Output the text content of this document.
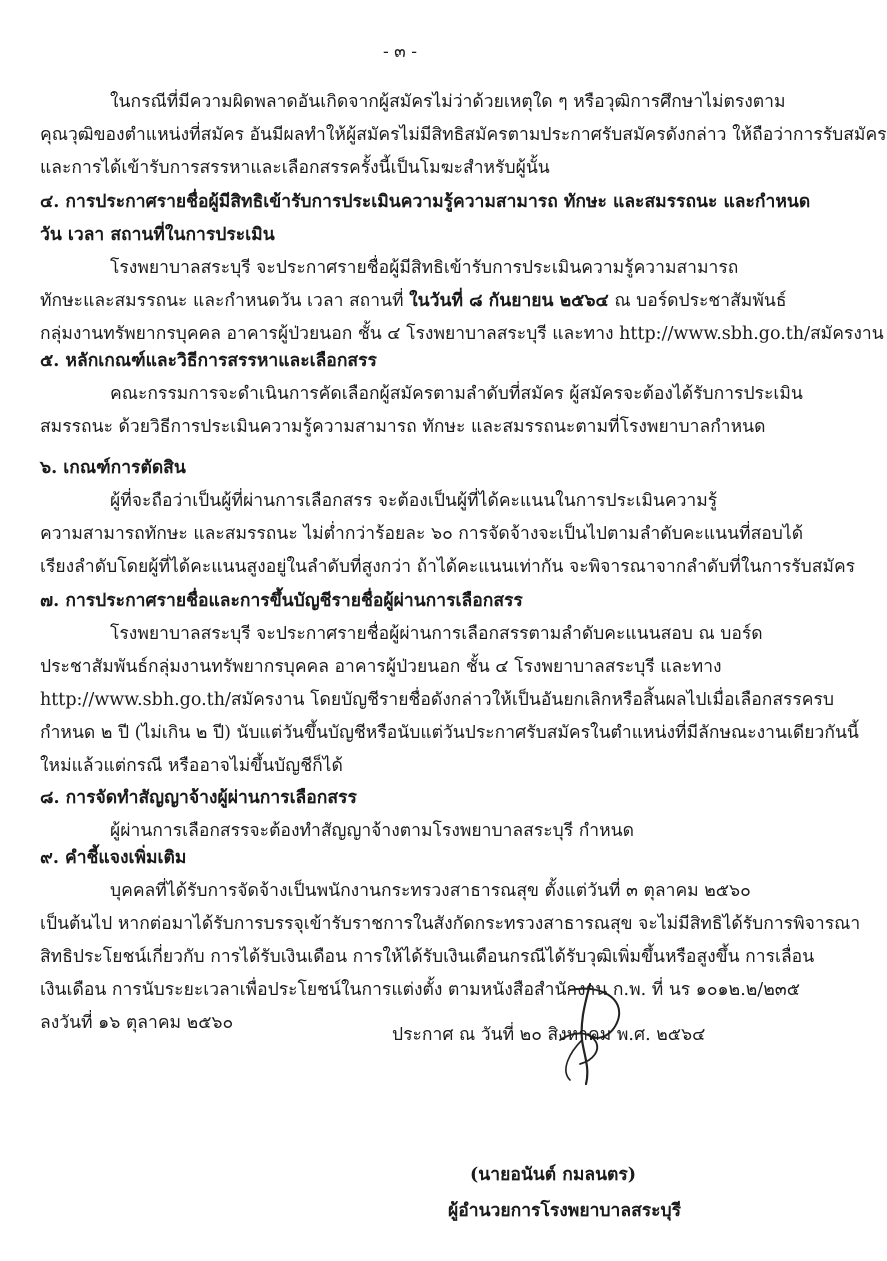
- ๓ -
ในกรณีที่มีความผิดพลาดอันเกิดจากผู้สมัครไม่ว่าด้วยเหตุใด ๆ หรือวุฒิการศึกษาไม่ตรงตาม
คุณวุฒิของตำแหน่งที่สมัคร อันมีผลทำให้ผู้สมัครไม่มีสิทธิสมัครตามประกาศรับสมัครดังกล่าว ให้ถือว่าการรับสมัคร
และการได้เข้ารับการสรรหาและเลือกสรรครั้งนี้เป็นโมฆะสำหรับผู้นั้น
๔. การประกาศรายชื่อผู้มีสิทธิเข้ารับการประเมินความรู้ความสามารถ ทักษะ และสมรรถนะ และกำหนด
วัน เวลา สถานที่ในการประเมิน
โรงพยาบาลสระบุรี จะประกาศรายชื่อผู้มีสิทธิเข้ารับการประเมินความรู้ความสามารถ
ทักษะและสมรรถนะ และกำหนดวัน เวลา สถานที่ ในวันที่ ๘ กันยายน ๒๕๖๔ ณ บอร์ดประชาสัมพันธ์
กลุ่มงานทรัพยากรบุคคล อาคารผู้ป่วยนอก ชั้น ๔ โรงพยาบาลสระบุรี และทาง http://www.sbh.go.th/สมัครงาน
๕. หลักเกณฑ์และวิธีการสรรหาและเลือกสรร
คณะกรรมการจะดำเนินการคัดเลือกผู้สมัครตามลำดับที่สมัคร ผู้สมัครจะต้องได้รับการประเมิน
สมรรถนะ ด้วยวิธีการประเมินความรู้ความสามารถ ทักษะ และสมรรถนะตามที่โรงพยาบาลกำหนด
๖. เกณฑ์การตัดสิน
ผู้ที่จะถือว่าเป็นผู้ที่ผ่านการเลือกสรร จะต้องเป็นผู้ที่ได้คะแนนในการประเมินความรู้
ความสามารถทักษะ และสมรรถนะ ไม่ต่ำกว่าร้อยละ ๖๐ การจัดจ้างจะเป็นไปตามลำดับคะแนนที่สอบได้
เรียงลำดับโดยผู้ที่ได้คะแนนสูงอยู่ในลำดับที่สูงกว่า ถ้าได้คะแนนเท่ากัน จะพิจารณาจากลำดับที่ในการรับสมัคร
๗. การประกาศรายชื่อและการขึ้นบัญชีรายชื่อผู้ผ่านการเลือกสรร
โรงพยาบาลสระบุรี จะประกาศรายชื่อผู้ผ่านการเลือกสรรตามลำดับคะแนนสอบ ณ บอร์ด
ประชาสัมพันธ์กลุ่มงานทรัพยากรบุคคล อาคารผู้ป่วยนอก ชั้น ๔ โรงพยาบาลสระบุรี และทาง
http://www.sbh.go.th/สมัครงาน โดยบัญชีรายชื่อดังกล่าวให้เป็นอันยกเลิกหรือสิ้นผลไปเมื่อเลือกสรรครบ
กำหนด ๒ ปี (ไม่เกิน ๒ ปี) นับแต่วันขึ้นบัญชีหรือนับแต่วันประกาศรับสมัครในตำแหน่งที่มีลักษณะงานเดียวกันนี้
ใหม่แล้วแต่กรณี หรืออาจไม่ขึ้นบัญชีก็ได้
๘. การจัดทำสัญญาจ้างผู้ผ่านการเลือกสรร
ผู้ผ่านการเลือกสรรจะต้องทำสัญญาจ้างตามโรงพยาบาลสระบุรี กำหนด
๙. คำชี้แจงเพิ่มเติม
บุคคลที่ได้รับการจัดจ้างเป็นพนักงานกระทรวงสาธารณสุข ตั้งแต่วันที่ ๓ ตุลาคม ๒๕๖๐
เป็นต้นไป หากต่อมาได้รับการบรรจุเข้ารับราชการในสังกัดกระทรวงสาธารณสุข จะไม่มีสิทธิได้รับการพิจารณา
สิทธิประโยชน์เกี่ยวกับ การได้รับเงินเดือน การให้ได้รับเงินเดือนกรณีได้รับวุฒิเพิ่มขึ้นหรือสูงขึ้น การเลื่อน
เงินเดือน การนับระยะเวลาเพื่อประโยชน์ในการแต่งตั้ง ตามหนังสือสำนักงาน ก.พ. ที่ นร ๑๐๑๒.๒/๒๓๕
ลงวันที่ ๑๖ ตุลาคม ๒๕๖๐
ประกาศ ณ วันที่ ๒๐ สิงหาคม พ.ศ. ๒๕๖๔
(นายอนันต์ กมลนตร)
ผู้อำนวยการโรงพยาบาลสระบุรี
